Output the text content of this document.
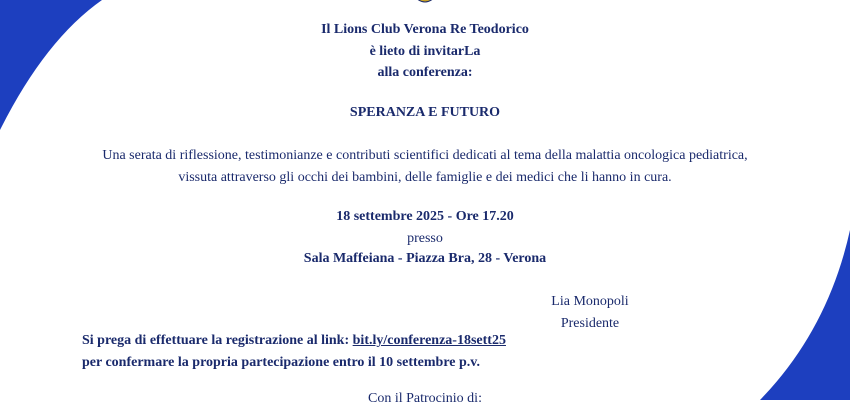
Il Lions Club Verona Re Teodorico
è lieto di invitarLa
alla conferenza:
SPERANZA E FUTURO
Una serata di riflessione, testimonianze e contributi scientifici dedicati al tema della malattia oncologica pediatrica,
vissuta attraverso gli occhi dei bambini, delle famiglie e dei medici che li hanno in cura.
18 settembre 2025 - Ore 17.20
presso
Sala Maffeiana - Piazza Bra, 28 - Verona
Lia Monopoli
Presidente
Si prega di effettuare la registrazione al link: bit.ly/conferenza-18sett25
per confermare la propria partecipazione entro il 10 settembre p.v.
Con il Patrocinio di:
